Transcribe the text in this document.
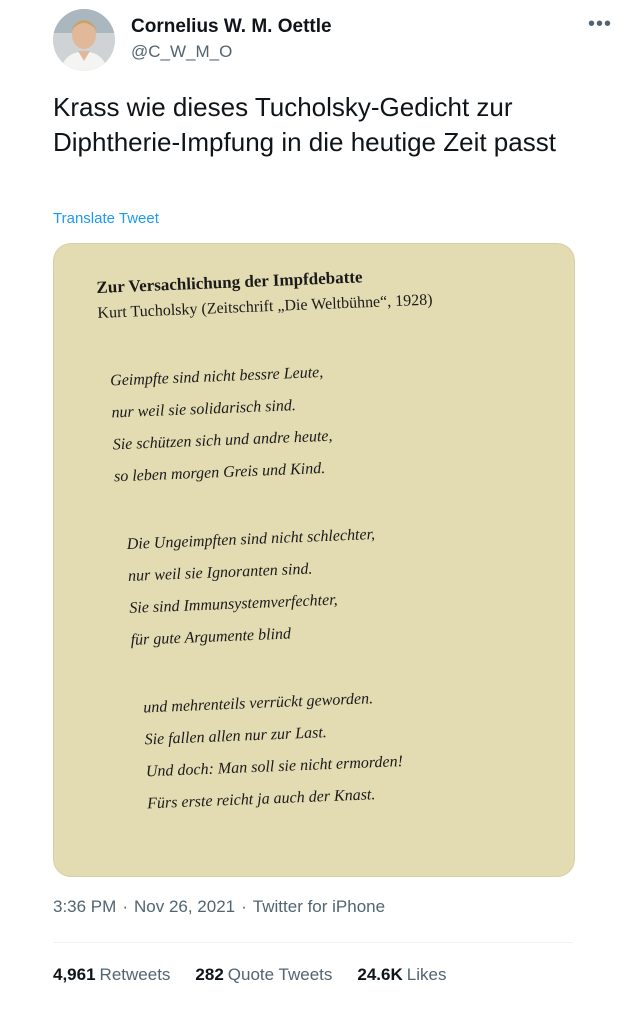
Cornelius W. M. Oettle
@C_W_M_O
•••
Krass wie dieses Tucholsky-Gedicht zur Diphtherie-Impfung in die heutige Zeit passt
Translate Tweet
Zur Versachlichung der Impfdebatte
Kurt Tucholsky (Zeitschrift „Die Weltbühne“, 1928)
Geimpfte sind nicht bessre Leute,
nur weil sie solidarisch sind.
Sie schützen sich und andre heute,
so leben morgen Greis und Kind.
Die Ungeimpften sind nicht schlechter,
nur weil sie Ignoranten sind.
Sie sind Immunsystemverfechter,
für gute Argumente blind
und mehrenteils verrückt geworden.
Sie fallen allen nur zur Last.
Und doch: Man soll sie nicht ermorden!
Fürs erste reicht ja auch der Knast.
3:36 PM · Nov 26, 2021 · Twitter for iPhone
4,961 Retweets 282 Quote Tweets 24.6K Likes
